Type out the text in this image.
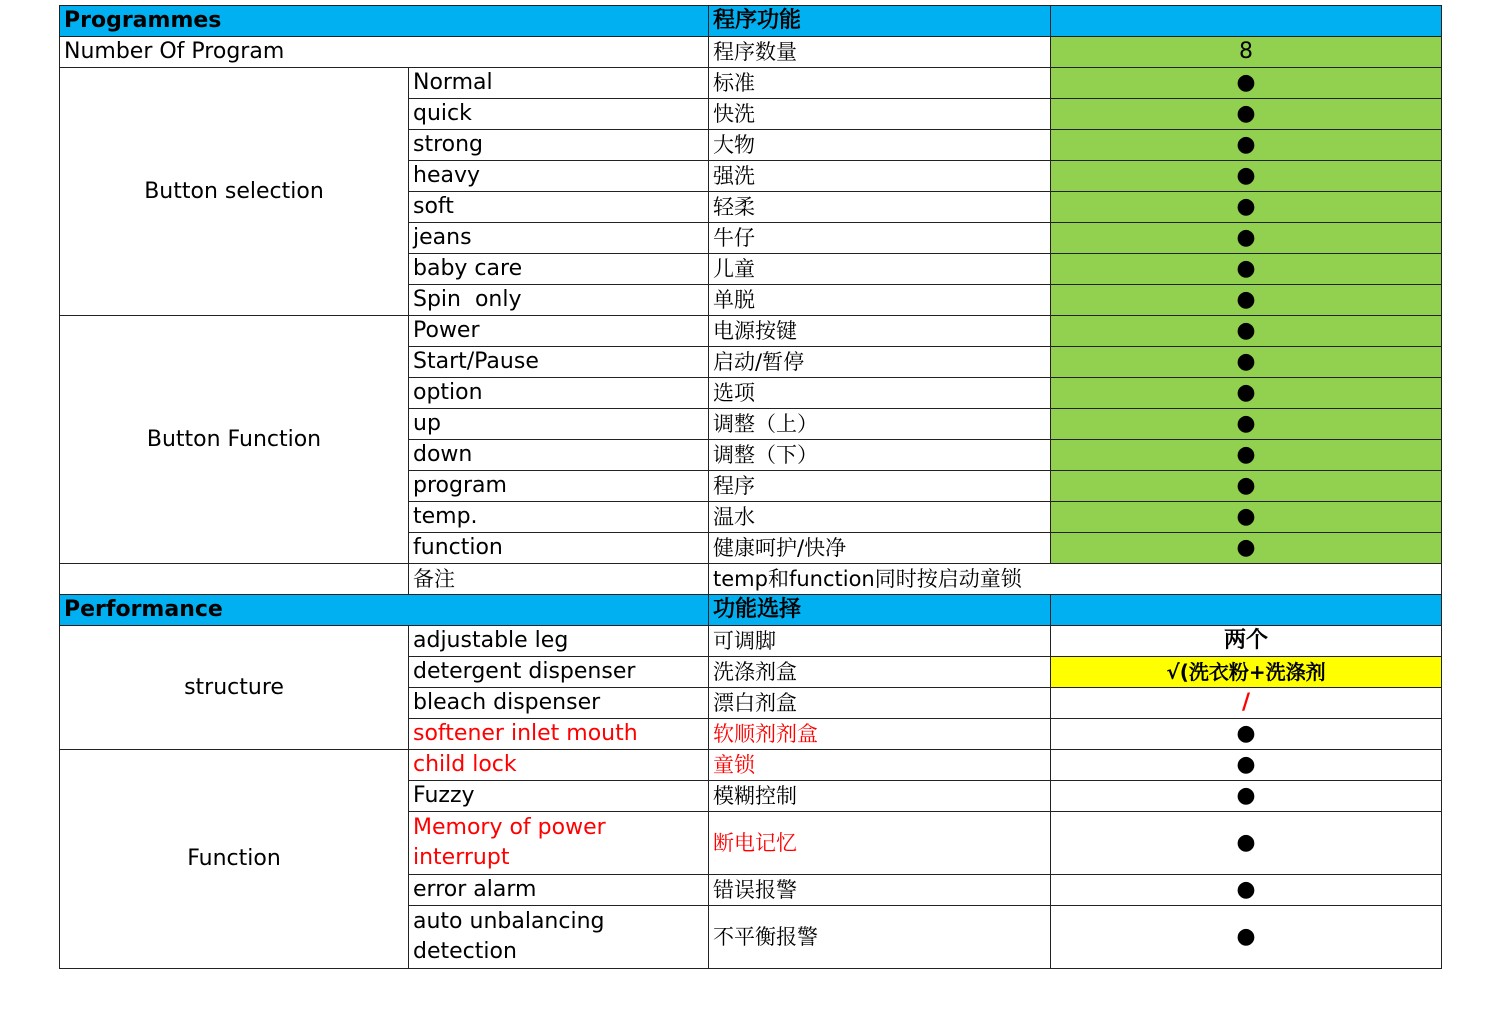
Programmes		程序功能	
Number Of Program		程序数量	8
Button selection	Normal	标准	●
	quick	快洗	●
	strong	大物	●
	heavy	强洗	●
	soft	轻柔	●
	jeans	牛仔	●
	baby care	儿童	●
	Spin  only	单脱	●
Button Function	Power	电源按键	●
	Start/Pause	启动/暂停	●
	option	选项	●
	up	调整（上）	●
	down	调整（下）	●
	program	程序	●
	temp.	温水	●
	function	健康呵护/快净	●
	备注	temp和function同时按启动童锁	
Performance		功能选择	
structure	adjustable leg	可调脚	两个
	detergent dispenser	洗涤剂盒	√(洗衣粉+洗涤剂
	bleach dispenser	漂白剂盒	/
	softener inlet mouth	软顺剂剂盒	●
Function	child lock	童锁	●
	Fuzzy	模糊控制	●
	Memory of power interrupt	断电记忆	●
	error alarm	错误报警	●
	auto unbalancing detection	不平衡报警	●
